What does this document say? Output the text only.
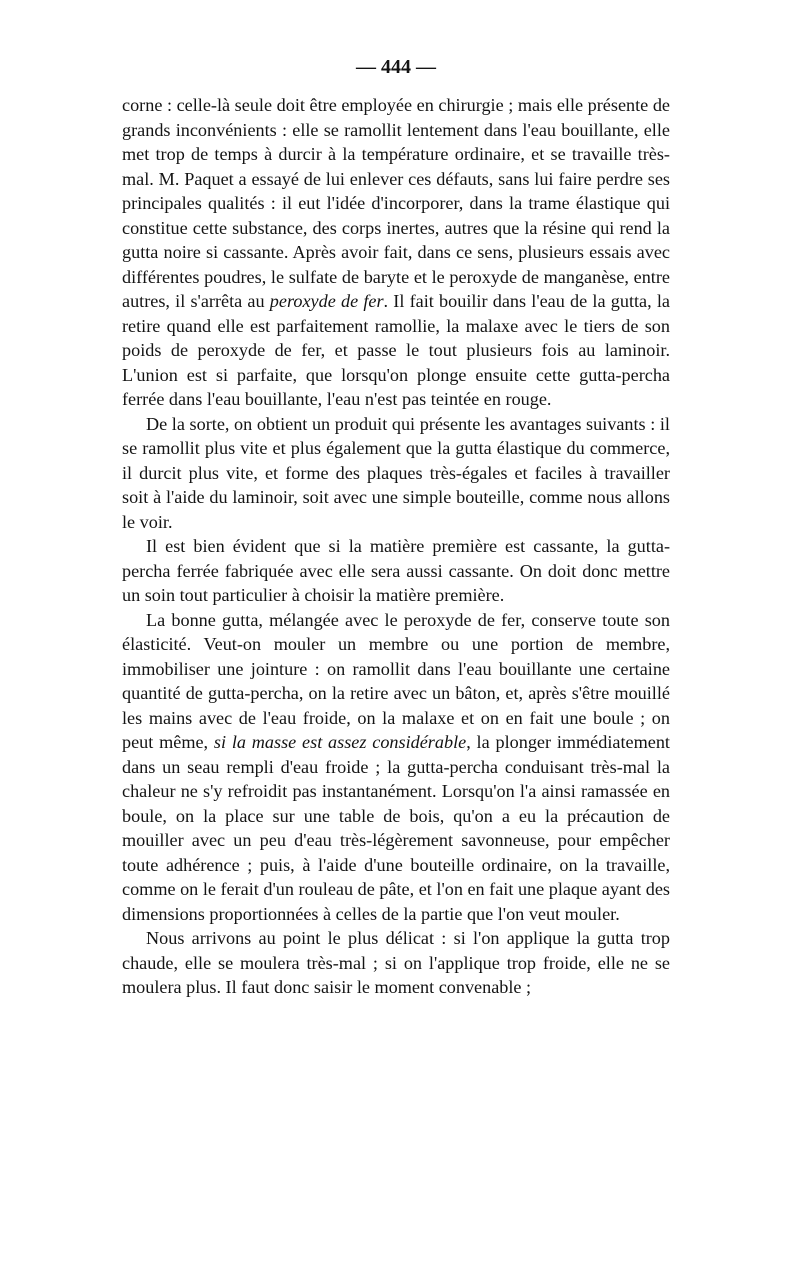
— 444 —

corne : celle-là seule doit être employée en chirurgie ; mais elle présente de grands inconvénients : elle se ramollit lentement dans l'eau bouillante, elle met trop de temps à durcir à la température ordinaire, et se travaille très-mal. M. Paquet a essayé de lui enlever ces défauts, sans lui faire perdre ses principales qualités : il eut l'idée d'incorporer, dans la trame élastique qui constitue cette substance, des corps inertes, autres que la résine qui rend la gutta noire si cassante. Après avoir fait, dans ce sens, plusieurs essais avec différentes poudres, le sulfate de baryte et le peroxyde de manganèse, entre autres, il s'arrêta au peroxyde de fer. Il fait bouilir dans l'eau de la gutta, la retire quand elle est parfaitement ramollie, la malaxe avec le tiers de son poids de peroxyde de fer, et passe le tout plusieurs fois au laminoir. L'union est si parfaite, que lorsqu'on plonge ensuite cette gutta-percha ferrée dans l'eau bouillante, l'eau n'est pas teintée en rouge.

De la sorte, on obtient un produit qui présente les avantages suivants : il se ramollit plus vite et plus également que la gutta élastique du commerce, il durcit plus vite, et forme des plaques très-égales et faciles à travailler soit à l'aide du laminoir, soit avec une simple bouteille, comme nous allons le voir.

Il est bien évident que si la matière première est cassante, la gutta-percha ferrée fabriquée avec elle sera aussi cassante. On doit donc mettre un soin tout particulier à choisir la matière première.

La bonne gutta, mélangée avec le peroxyde de fer, conserve toute son élasticité. Veut-on mouler un membre ou une portion de membre, immobiliser une jointure : on ramollit dans l'eau bouillante une certaine quantité de gutta-percha, on la retire avec un bâton, et, après s'être mouillé les mains avec de l'eau froide, on la malaxe et on en fait une boule ; on peut même, si la masse est assez considérable, la plonger immédiatement dans un seau rempli d'eau froide ; la gutta-percha conduisant très-mal la chaleur ne s'y refroidit pas instantanément. Lorsqu'on l'a ainsi ramassée en boule, on la place sur une table de bois, qu'on a eu la précaution de mouiller avec un peu d'eau très-légèrement savonneuse, pour empêcher toute adhérence ; puis, à l'aide d'une bouteille ordinaire, on la travaille, comme on le ferait d'un rouleau de pâte, et l'on en fait une plaque ayant des dimensions proportionnées à celles de la partie que l'on veut mouler.

Nous arrivons au point le plus délicat : si l'on applique la gutta trop chaude, elle se moulera très-mal ; si on l'applique trop froide, elle ne se moulera plus. Il faut donc saisir le moment convenable ;
